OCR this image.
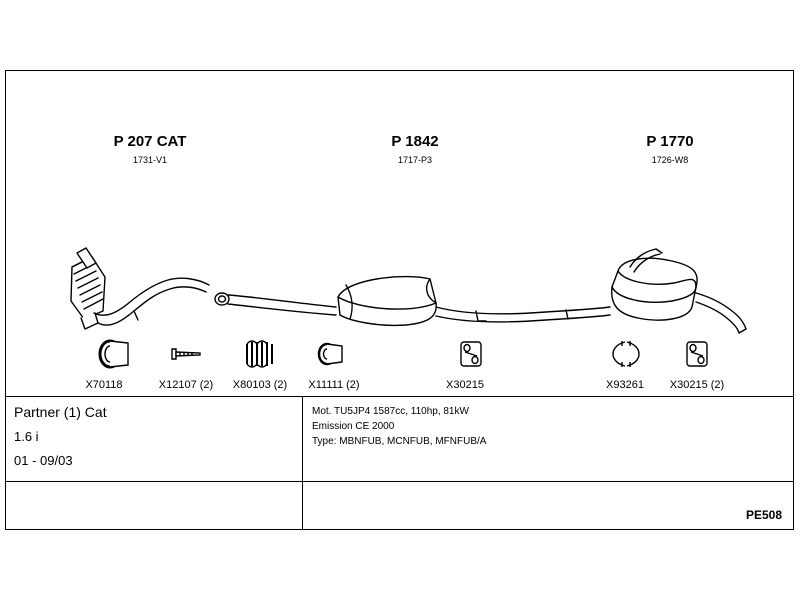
P 207 CAT
1731-V1
P 1842
1717-P3
P 1770
1726-W8
X70118	X12107 (2)	X80103 (2)	X11111 (2)	X30215	X93261	X30215 (2)
Partner (1) Cat
1.6 i
01 - 09/03
Mot. TU5JP4 1587cc, 110hp, 81kW
Emission CE 2000
Type: MBNFUB, MCNFUB, MFNFUB/A
PE508
